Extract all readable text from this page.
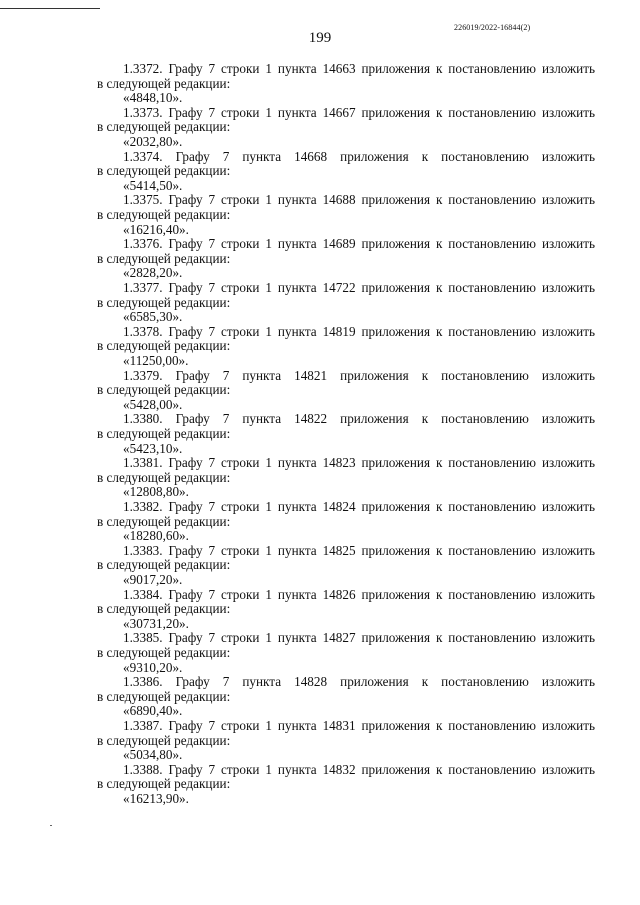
226019/2022-16844(2)
199
1.3372. Графу 7 строки 1 пункта 14663 приложения к постановлению изложить
в следующей редакции:
«4848,10».
1.3373. Графу 7 строки 1 пункта 14667 приложения к постановлению изложить
в следующей редакции:
«2032,80».
1.3374. Графу 7 пункта 14668 приложения к постановлению изложить
в следующей редакции:
«5414,50».
1.3375. Графу 7 строки 1 пункта 14688 приложения к постановлению изложить
в следующей редакции:
«16216,40».
1.3376. Графу 7 строки 1 пункта 14689 приложения к постановлению изложить
в следующей редакции:
«2828,20».
1.3377. Графу 7 строки 1 пункта 14722 приложения к постановлению изложить
в следующей редакции:
«6585,30».
1.3378. Графу 7 строки 1 пункта 14819 приложения к постановлению изложить
в следующей редакции:
«11250,00».
1.3379. Графу 7 пункта 14821 приложения к постановлению изложить
в следующей редакции:
«5428,00».
1.3380. Графу 7 пункта 14822 приложения к постановлению изложить
в следующей редакции:
«5423,10».
1.3381. Графу 7 строки 1 пункта 14823 приложения к постановлению изложить
в следующей редакции:
«12808,80».
1.3382. Графу 7 строки 1 пункта 14824 приложения к постановлению изложить
в следующей редакции:
«18280,60».
1.3383. Графу 7 строки 1 пункта 14825 приложения к постановлению изложить
в следующей редакции:
«9017,20».
1.3384. Графу 7 строки 1 пункта 14826 приложения к постановлению изложить
в следующей редакции:
«30731,20».
1.3385. Графу 7 строки 1 пункта 14827 приложения к постановлению изложить
в следующей редакции:
«9310,20».
1.3386. Графу 7 пункта 14828 приложения к постановлению изложить
в следующей редакции:
«6890,40».
1.3387. Графу 7 строки 1 пункта 14831 приложения к постановлению изложить
в следующей редакции:
«5034,80».
1.3388. Графу 7 строки 1 пункта 14832 приложения к постановлению изложить
в следующей редакции:
«16213,90».
